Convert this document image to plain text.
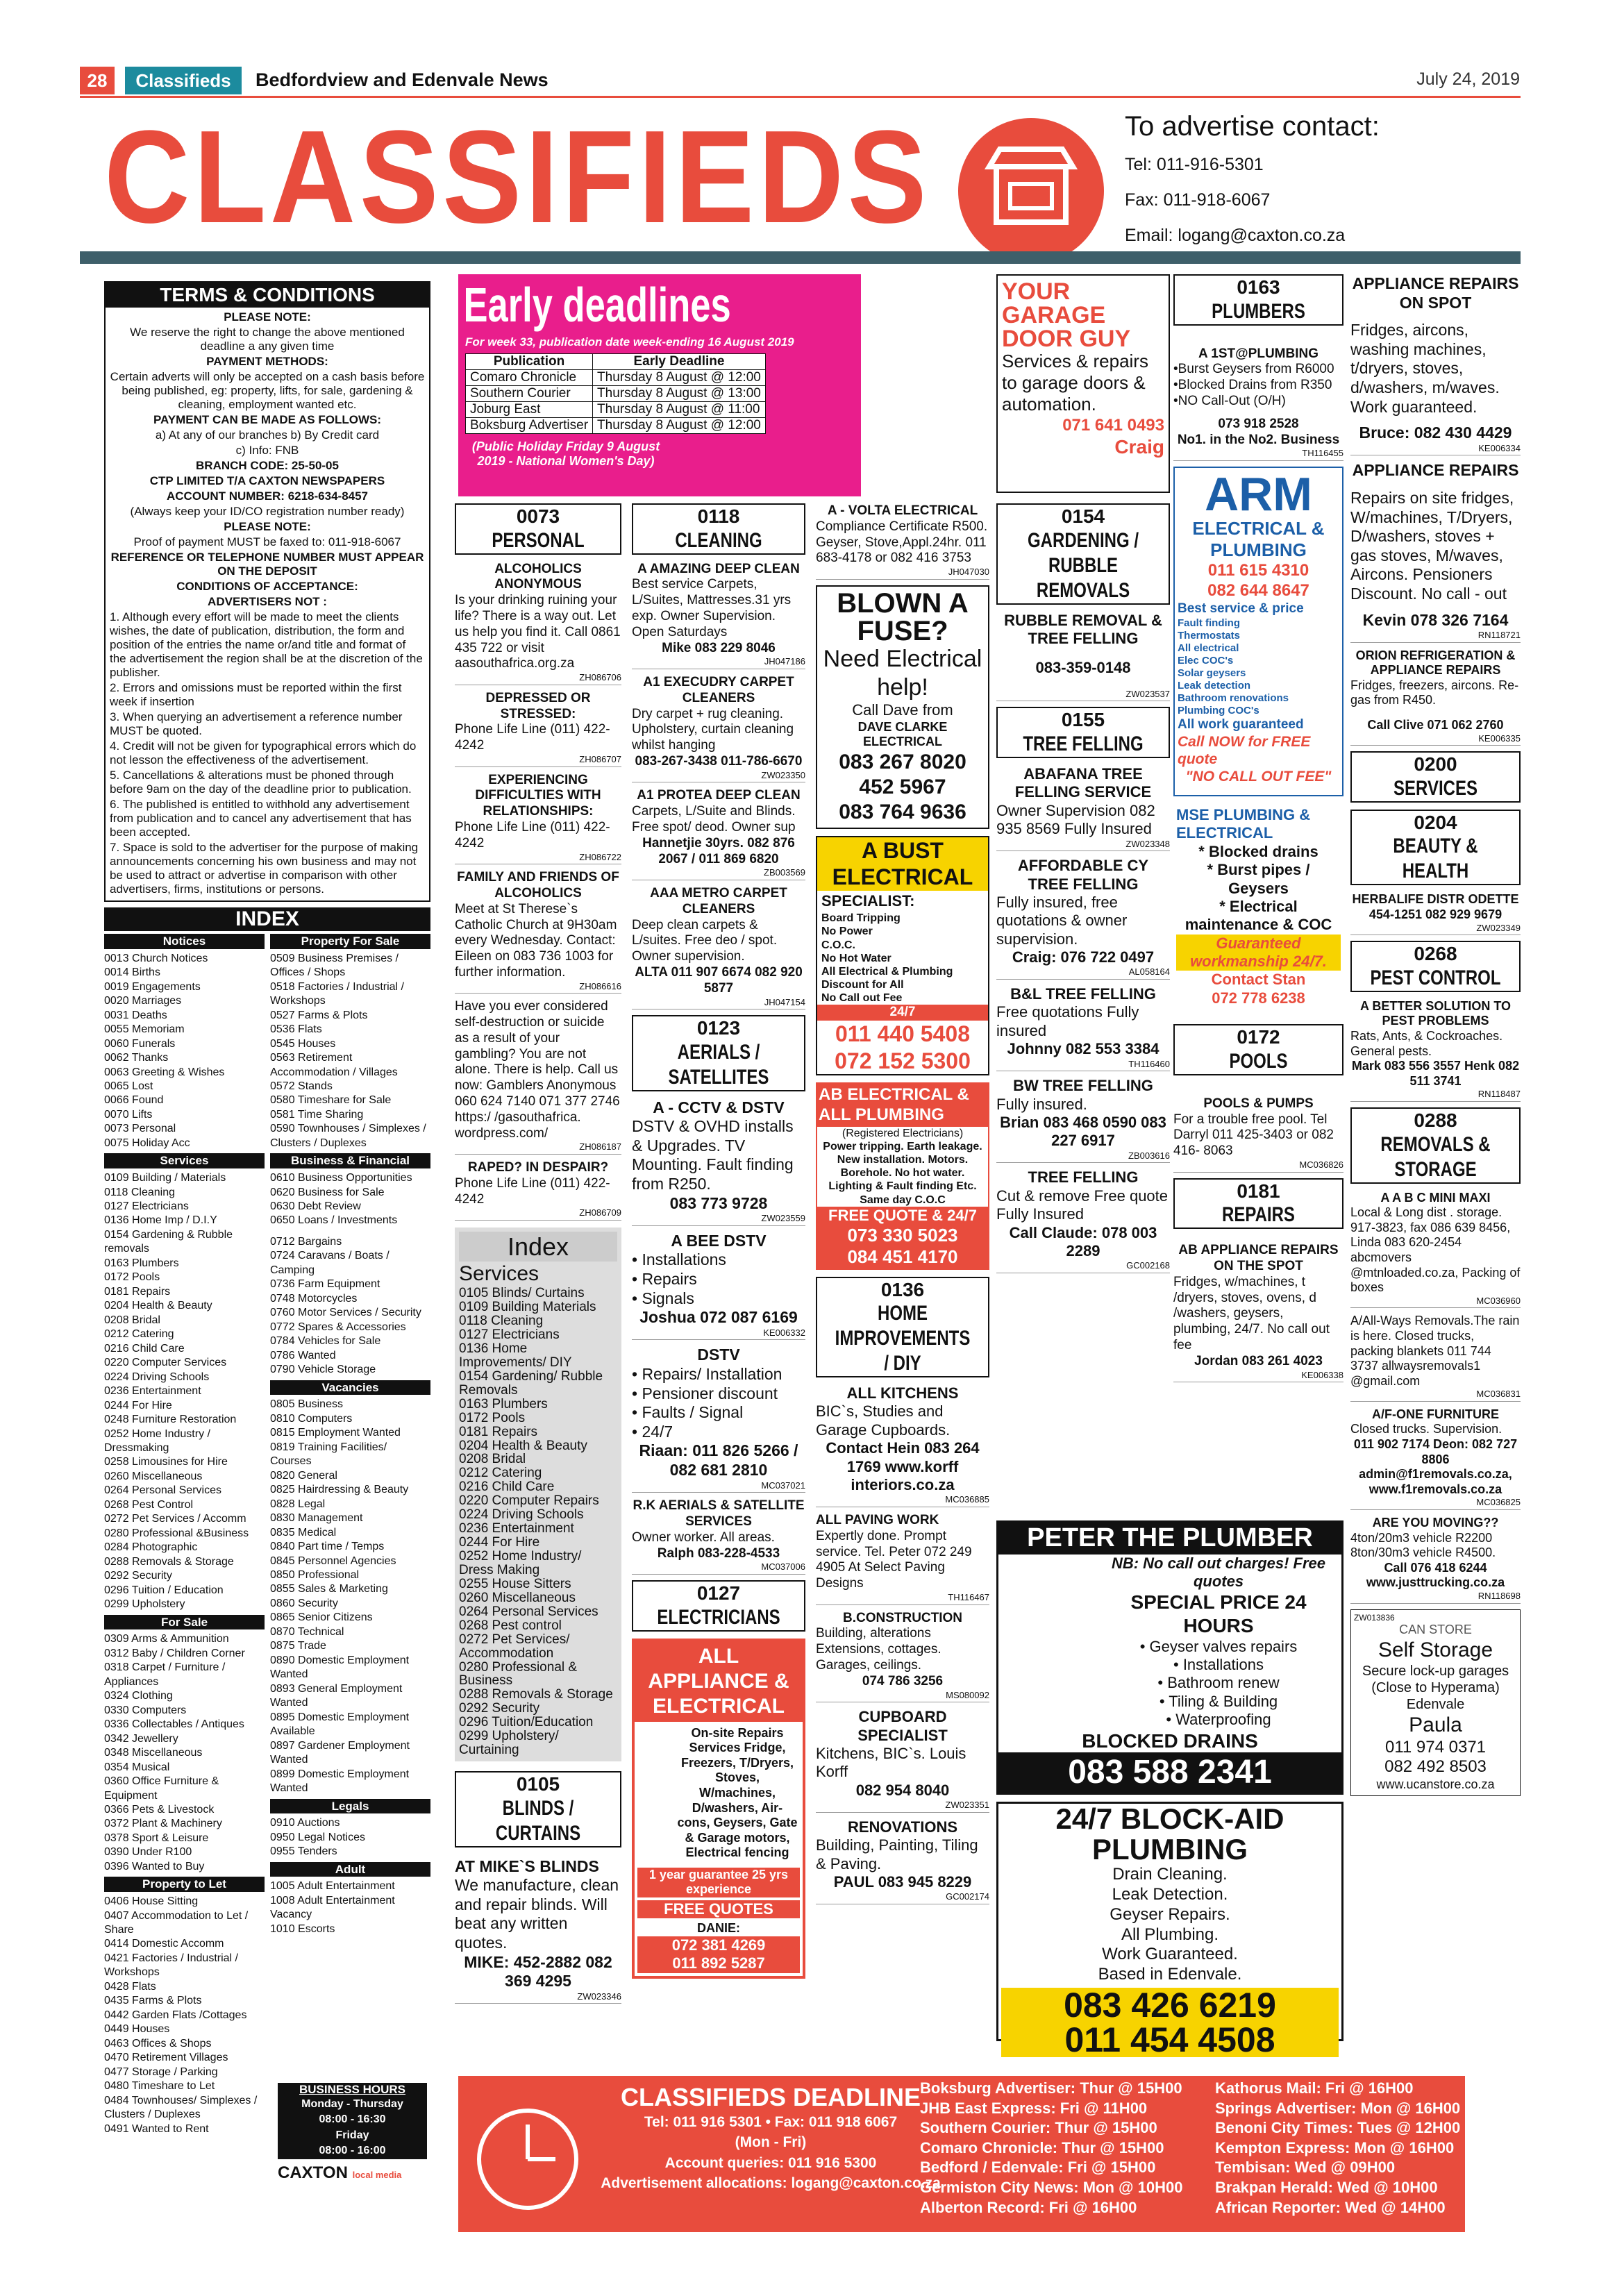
28	Classifieds	Bedfordview and Edenvale News	July 24, 2019
CLASSIFIEDS	To advertise contact:
Tel: 011-916-5301
Fax: 011-918-6067
Email: logang@caxton.co.za
TERMS & CONDITIONS
PLEASE NOTE:
We reserve the right to change the above mentioned deadline a any given time
PAYMENT METHODS:
Certain adverts will only be accepted on a cash basis before being published, eg: property, lifts, for sale, gardening & cleaning, employment wanted etc.
PAYMENT CAN BE MADE AS FOLLOWS:
a) At any of our branches b) By Credit card
c) Info: FNB
BRANCH CODE: 25-50-05
CTP LIMITED T/A CAXTON NEWSPAPERS
ACCOUNT NUMBER: 6218-634-8457
(Always keep your ID/CO registration number ready)
PLEASE NOTE:
Proof of payment MUST be faxed to: 011-918-6067
REFERENCE OR TELEPHONE NUMBER MUST APPEAR ON THE DEPOSIT
CONDITIONS OF ACCEPTANCE:
ADVERTISERS NOT :
1. Although every effort will be made to meet the clients wishes, the date of publication, distribution, the form and position of the entries the name or/and title and format of the advertisement the region shall be at the discretion of the publisher.
2. Errors and omissions must be reported within the first week if insertion
3. When querying an advertisement a reference number MUST be quoted.
4. Credit will not be given for typographical errors which do not lesson the effectiveness of the advertisement.
5. Cancellations & alterations must be phoned through before 9am on the day of the deadline prior to publication.
6. The published is entitled to withhold any advertisement from publication and to cancel any advertisement that has been accepted.
7. Space is sold to the advertiser for the purpose of making announcements concerning his own business and may not be used to attract or advertise in comparison with other advertisers, firms, institutions or persons.
INDEX
Notices
0013 Church Notices
0014 Births
0019 Engagements
0020 Marriages
0031 Deaths
0055 Memoriam
0060 Funerals
0062 Thanks
0063 Greeting & Wishes
0065 Lost
0066 Found
0070 Lifts
0073 Personal
0075 Holiday Acc
Services
0109 Building / Materials
0118 Cleaning
0127 Electricians
0136 Home Imp / D.I.Y
0154 Gardening & Rubble removals
0163 Plumbers
0172 Pools
0181 Repairs
0204 Health & Beauty
0208 Bridal
0212 Catering
0216 Child Care
0220 Computer Services
0224 Driving Schools
0236 Entertainment
0244 For Hire
0248 Furniture Restoration
0252 Home Industry / Dressmaking
0258 Limousines for Hire
0260 Miscellaneous
0264 Personal Services
0268 Pest Control
0272 Pet Services / Accomm
0280 Professional &Business
0284 Photographic
0288 Removals & Storage
0292 Security
0296 Tuition / Education
0299 Upholstery
For Sale
0309 Arms & Ammunition
0312 Baby / Children Corner
0318 Carpet / Furniture / Appliances
0324 Clothing
0330 Computers
0336 Collectables / Antiques
0342 Jewellery
0348 Miscellaneous
0354 Musical
0360 Office Furniture & Equipment
0366 Pets & Livestock
0372 Plant & Machinery
0378 Sport & Leisure
0390 Under R100
0396 Wanted to Buy
Property to Let
0406 House Sitting
0407 Accommodation to Let / Share
0414 Domestic Accomm
0421 Factories / Industrial / Workshops
0428 Flats
0435 Farms & Plots
0442 Garden Flats /Cottages
0449 Houses
0463 Offices & Shops
0470 Retirement Villages
0477 Storage / Parking
0480 Timeshare to Let
0484 Townhouses/ Simplexes / Clusters / Duplexes
0491 Wanted to Rent
Property For Sale
0509 Business Premises / Offices / Shops
0518 Factories / Industrial / Workshops
0527 Farms & Plots
0536 Flats
0545 Houses
0563 Retirement Accommodation / Villages
0572 Stands
0580 Timeshare for Sale
0581 Time Sharing
0590 Townhouses / Simplexes / Clusters / Duplexes
Business & Financial
0610 Business Opportunities
0620 Business for Sale
0630 Debt Review
0650 Loans / Investments

0712 Bargains
0724 Caravans / Boats / Camping
0736 Farm Equipment
0748 Motorcycles
0760 Motor Services / Security
0772 Spares & Accessories
0784 Vehicles for Sale
0786 Wanted
0790 Vehicle Storage
Vacancies
0805 Business
0810 Computers
0815 Employment Wanted
0819 Training Facilities/ Courses
0820 General
0825 Hairdressing & Beauty
0828 Legal
0830 Management
0835 Medical
0840 Part time / Temps
0845 Personnel Agencies
0850 Professional
0855 Sales & Marketing
0860 Security
0865 Senior Citizens
0870 Technical
0875 Trade
0890 Domestic Employment Wanted
0893 General Employment Wanted
0895 Domestic Employment Available
0897 Gardener Employment Wanted
0899 Domestic Employment Wanted
Legals
0910 Auctions
0950 Legal Notices
0955 Tenders
Adult
1005 Adult Entertainment
1008 Adult Entertainment Vacancy
1010 Escorts
BUSINESS HOURS
Monday - Thursday
08:00 - 16:30
Friday
08:00 - 16:00
CAXTON local media
Early deadlines
For week 33, publication date week-ending 16 August 2019
Publication	Early Deadline
Comaro Chronicle	Thursday 8 August @ 12:00
Southern Courier	Thursday 8 August @ 13:00
Joburg East	Thursday 8 August @ 11:00
Boksburg Advertiser	Thursday 8 August @ 12:00
(Public Holiday Friday 9 August 2019 - National Women's Day)
0073
PERSONAL
ALCOHOLICS ANONYMOUS
Is your drinking ruining your life? There is a way out. Let us help you find it. Call 0861 435 722 or visit aasouthafrica.org.za
ZH086706
DEPRESSED OR STRESSED:
Phone Life Line (011) 422-4242
ZH086707
EXPERIENCING DIFFICULTIES WITH RELATIONSHIPS:
Phone Life Line (011) 422-4242
ZH086722
FAMILY AND FRIENDS OF ALCOHOLICS
Meet at St Therese`s Catholic Church at 9H30am every Wednesday. Contact: Eileen on 083 736 1003 for further information.
ZH086616
Have you ever considered self-destruction or suicide as a result of your gambling? You are not alone. There is help. Call us now: Gamblers Anonymous 060 624 7140 071 377 2746 https:/ /gasouthafrica. wordpress.com/
ZH086187
RAPED? IN DESPAIR?
Phone Life Line (011) 422-4242
ZH086709
Index
Services
0105 Blinds/ Curtains
0109 Building Materials
0118 Cleaning
0127 Electricians
0136 Home Improvements/ DIY
0154 Gardening/ Rubble Removals
0163 Plumbers
0172 Pools
0181 Repairs
0204 Health & Beauty
0208 Bridal
0212 Catering
0216 Child Care
0220 Computer Repairs
0224 Driving Schools
0236 Entertainment
0244 For Hire
0252 Home Industry/ Dress Making
0255 House Sitters
0260 Miscellaneous
0264 Personal Services
0268 Pest control
0272 Pet Services/ Accommodation
0280 Professional & Business
0288 Removals & Storage
0292 Security
0296 Tuition/Education
0299 Upholstery/ Curtaining
0105
BLINDS / CURTAINS
AT MIKE`S BLINDS
We manufacture, clean and repair blinds. Will beat any written quotes.
MIKE: 452-2882 082 369 4295
ZW023346
0118
CLEANING
A AMAZING DEEP CLEAN
Best service Carpets, L/Suites, Mattresses.31 yrs exp. Owner Supervision. Open Saturdays
Mike 083 229 8046
JH047186
A1 EXECUDRY CARPET CLEANERS
Dry carpet + rug cleaning. Upholstery, curtain cleaning whilst hanging
083-267-3438 011-786-6670
ZW023350
A1 PROTEA DEEP CLEAN
Carpets, L/Suite and Blinds. Free spot/ deod. Owner sup
Hannetjie 30yrs. 082 876 2067 / 011 869 6820
ZB003569
AAA METRO CARPET CLEANERS
Deep clean carpets & L/suites. Free deo / spot. Owner supervision.
ALTA 011 907 6674 082 920 5877
JH047154
0123
AERIALS / SATELLITES
A - CCTV & DSTV
DSTV & OVHD installs & Upgrades. TV Mounting. Fault finding from R250.
083 773 9728
ZW023559
A BEE DSTV
• Installations
• Repairs
• Signals
Joshua 072 087 6169
KE006332
DSTV
• Repairs/ Installation
• Pensioner discount
• Faults / Signal
• 24/7
Riaan: 011 826 5266 / 082 681 2810
MC037021
R.K AERIALS & SATELLITE SERVICES
Owner worker. All areas.
Ralph 083-228-4533
MC037006
0127
ELECTRICIANS
ALL APPLIANCE & ELECTRICAL
On-site Repairs Services Fridge, Freezers, T/Dryers, Stoves, W/machines, D/washers, Air-cons, Geysers, Gate & Garage motors, Electrical fencing
1 year guarantee 25 yrs experience
FREE QUOTES
DANIE:
072 381 4269
011 892 5287
A - VOLTA ELECTRICAL
Compliance Certificate R500. Geyser, Stove,Appl.24hr. 011 683-4178 or 082 416 3753
JH047030
BLOWN A FUSE?
Need Electrical help!
Call Dave from
DAVE CLARKE ELECTRICAL
083 267 8020
452 5967
083 764 9636
A BUST ELECTRICAL
SPECIALIST:
Board Tripping
No Power
C.O.C.
No Hot Water
All Electrical & Plumbing
Discount for All
No Call out Fee
24/7
011 440 5408
072 152 5300
AB ELECTRICAL & ALL PLUMBING
(Registered Electricians)
Power tripping. Earth leakage. New installation. Motors. Borehole. No hot water. Lighting & Fault finding Etc. Same day C.O.C
FREE QUOTE & 24/7
073 330 5023
084 451 4170
0136
HOME IMPROVEMENTS / DIY
ALL KITCHENS
BIC`s, Studies and Garage Cupboards.
Contact Hein 083 264 1769 www.korff interiors.co.za
MC036885
ALL PAVING WORK
Expertly done. Prompt service. Tel. Peter 072 249 4905 At Select Paving Designs
TH116467
B.CONSTRUCTION
Building, alterations Extensions, cottages. Garages, ceilings.
074 786 3256
MS080092
CUPBOARD SPECIALIST
Kitchens, BIC`s. Louis Korff
082 954 8040
ZW023351
RENOVATIONS
Building, Painting, Tiling & Paving.
PAUL 083 945 8229
GC002174
YOUR GARAGE DOOR GUY
Services & repairs to garage doors & automation.
071 641 0493
Craig
0154
GARDENING / RUBBLE REMOVALS
RUBBLE REMOVAL & TREE FELLING
083-359-0148
ZW023537
0155
TREE FELLING
ABAFANA TREE FELLING SERVICE
Owner Supervision 082 935 8569 Fully Insured
ZW023348
AFFORDABLE CY TREE FELLING
Fully insured, free quotations & owner supervision.
Craig: 076 722 0497
AL058164
B&L TREE FELLING
Free quotations Fully insured
Johnny 082 553 3384
TH116460
BW TREE FELLING
Fully insured.
Brian 083 468 0590 083 227 6917
ZB003616
TREE FELLING
Cut & remove Free quote Fully Insured
Call Claude: 078 003 2289
GC002168
PETER THE PLUMBER
NB: No call out charges! Free quotes
SPECIAL PRICE 24 HOURS
• Geyser valves repairs
• Installations
• Bathroom renew
• Tiling & Building
• Waterproofing
BLOCKED DRAINS
083 588 2341
24/7 BLOCK-AID PLUMBING
Drain Cleaning.
Leak Detection.
Geyser Repairs.
All Plumbing.
Work Guaranteed.
Based in Edenvale.
083 426 6219
011 454 4508
0163
PLUMBERS
A 1ST@PLUMBING
•Burst Geysers from R6000
•Blocked Drains from R350
•NO Call-Out (O/H)
073 918 2528
No1. in the No2. Business
TH116455
ARM
ELECTRICAL & PLUMBING
011 615 4310
082 644 8647
Best service & price
Fault finding
Thermostats
All electrical
Elec COC's
Solar geysers
Leak detection
Bathroom renovations
Plumbing COC's
All work guaranteed
Call NOW for FREE quote
"NO CALL OUT FEE"
MSE PLUMBING & ELECTRICAL
* Blocked drains
* Burst pipes / Geysers
* Electrical maintenance & COC
Guaranteed workmanship 24/7.
Contact Stan
072 778 6238
0172
POOLS
POOLS & PUMPS
For a trouble free pool. Tel Darryl 011 425-3403 or 082 416- 8063
MC036826
0181
REPAIRS
AB APPLIANCE REPAIRS ON THE SPOT
Fridges, w/machines, t /dryers, stoves, ovens, d /washers, geysers, plumbing, 24/7. No call out fee
Jordan 083 261 4023
KE006338
APPLIANCE REPAIRS ON SPOT
Fridges, aircons, washing machines, t/dryers, stoves, d/washers, m/waves. Work guaranteed.
Bruce: 082 430 4429
KE006334
APPLIANCE REPAIRS
Repairs on site fridges, W/machines, T/Dryers, D/washers, stoves + gas stoves, M/waves, Aircons. Pensioners Discount. No call - out
Kevin 078 326 7164
RN118721
ORION REFRIGERATION & APPLIANCE REPAIRS
Fridges, freezers, aircons. Re-gas from R450.
Call Clive 071 062 2760
KE006335
0200
SERVICES
0204
BEAUTY & HEALTH
HERBALIFE DISTR ODETTE 454-1251 082 929 9679
ZW023349
0268
PEST CONTROL
A BETTER SOLUTION TO PEST PROBLEMS
Rats, Ants, & Cockroaches. General pests.
Mark 083 556 3557 Henk 082 511 3741
RN118487
0288
REMOVALS & STORAGE
A A B C MINI MAXI
Local & Long dist . storage. 917-3823, fax 086 639 8456, Linda 083 620-2454 abcmovers @mtnloaded.co.za, Packing of boxes
MC036960
A/All-Ways Removals.The rain is here. Closed trucks, packing blankets 011 744 3737 allwaysremovals1 @gmail.com
MC036831
A/F-ONE FURNITURE
Closed trucks. Supervision.
011 902 7174 Deon: 082 727 8806 admin@f1removals.co.za, www.f1removals.co.za
MC036825
ARE YOU MOVING??
4ton/20m3 vehicle R2200 8ton/30m3 vehicle R4500.
Call 076 418 6244 www.justtrucking.co.za
RN118698
ZW013836
CAN STORE
Self Storage
Secure lock-up garages (Close to Hyperama) Edenvale
Paula
011 974 0371
082 492 8503
www.ucanstore.co.za
CLASSIFIEDS DEADLINE
Tel: 011 916 5301 • Fax: 011 918 6067
(Mon - Fri)
Account queries: 011 916 5300
Advertisement allocations: logang@caxton.co.za
Boksburg Advertiser: Thur @ 15H00
JHB East Express: Fri @ 11H00
Southern Courier: Thur @ 15H00
Comaro Chronicle: Thur @ 15H00
Bedford / Edenvale: Fri @ 15H00
Germiston City News: Mon @ 10H00
Alberton Record: Fri @ 16H00
Kathorus Mail: Fri @ 16H00
Springs Advertiser: Mon @ 16H00
Benoni City Times: Tues @ 12H00
Kempton Express: Mon @ 16H00
Tembisan: Wed @ 09H00
Brakpan Herald: Wed @ 10H00
African Reporter: Wed @ 14H00
